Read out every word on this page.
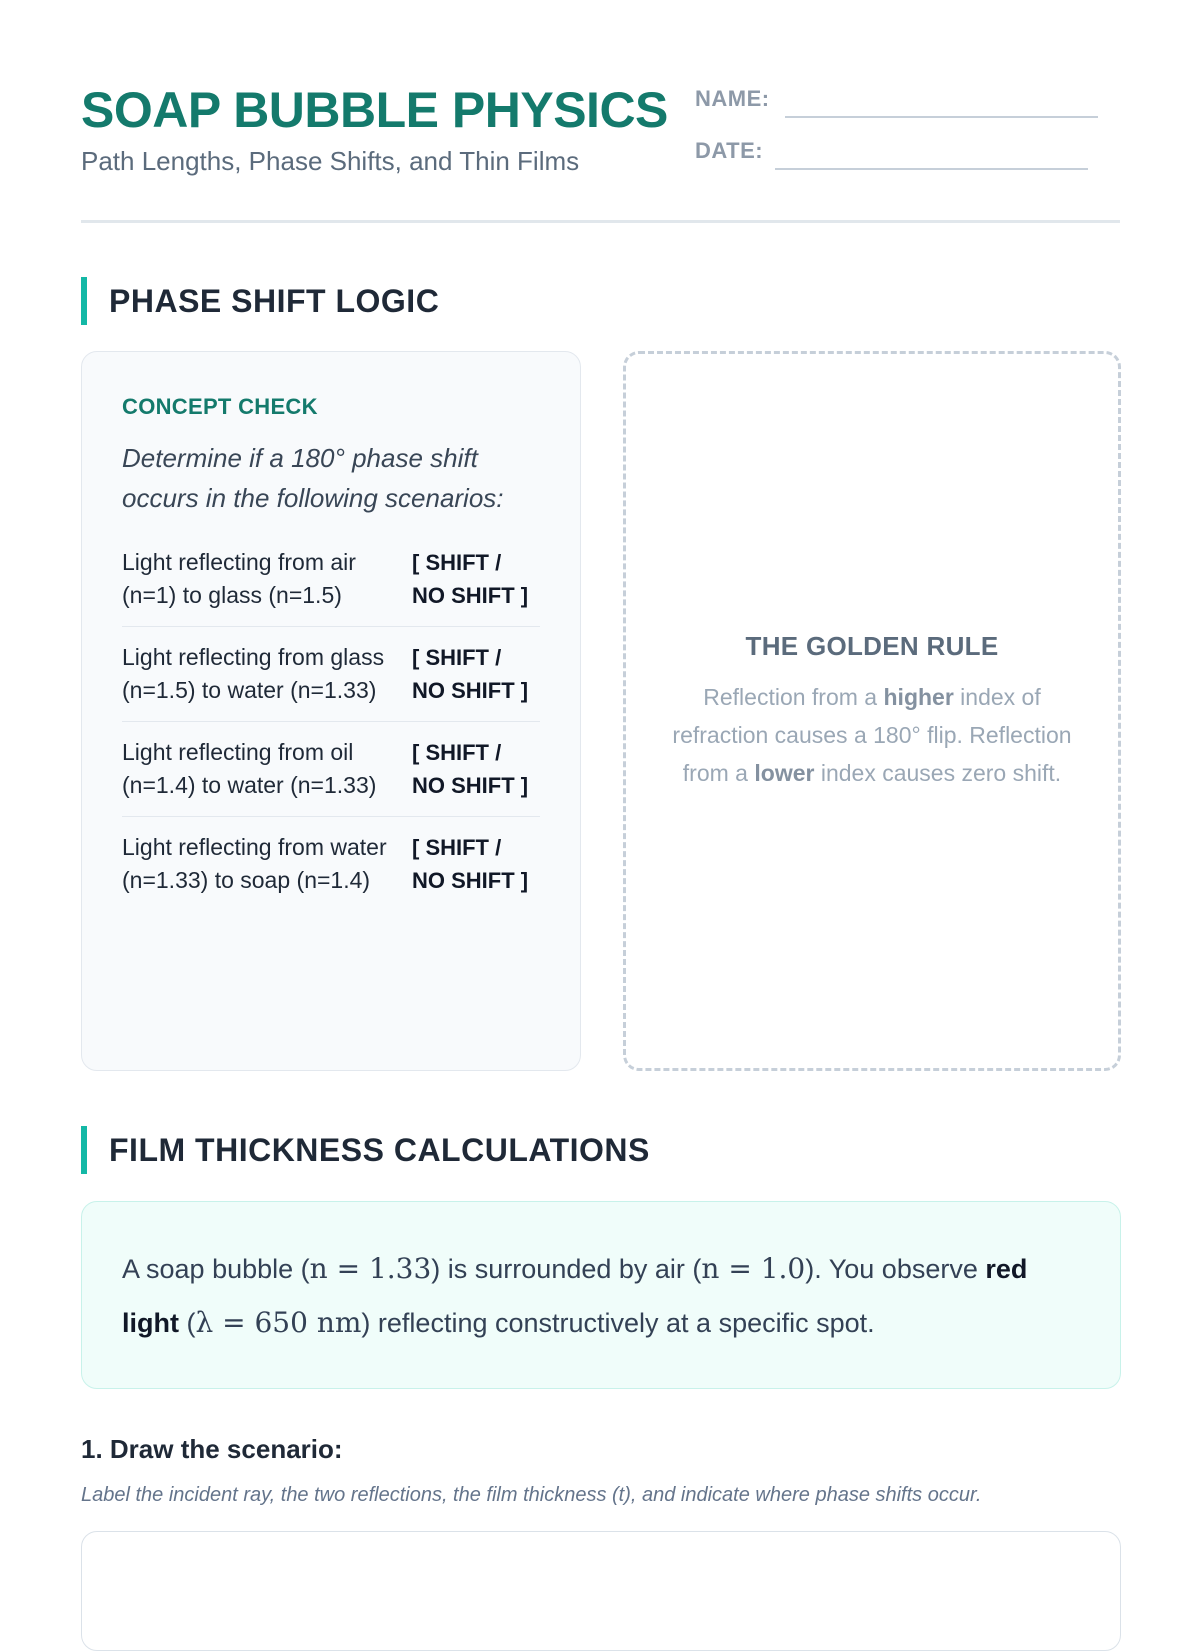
SOAP BUBBLE PHYSICS
Path Lengths, Phase Shifts, and Thin Films
NAME:
DATE:
PHASE SHIFT LOGIC
CONCEPT CHECK
Determine if a 180° phase shift occurs in the following scenarios:
Light reflecting from air (n=1) to glass (n=1.5)
[ SHIFT / NO SHIFT ]
Light reflecting from glass (n=1.5) to water (n=1.33)
[ SHIFT / NO SHIFT ]
Light reflecting from oil (n=1.4) to water (n=1.33)
[ SHIFT / NO SHIFT ]
Light reflecting from water (n=1.33) to soap (n=1.4)
[ SHIFT / NO SHIFT ]
THE GOLDEN RULE
Reflection from a higher index of refraction causes a 180° flip. Reflection from a lower index causes zero shift.
FILM THICKNESS CALCULATIONS
A soap bubble (n = 1.33) is surrounded by air (n = 1.0). You observe red light (λ = 650 nm) reflecting constructively at a specific spot.
1. Draw the scenario:
Label the incident ray, the two reflections, the film thickness (t), and indicate where phase shifts occur.
